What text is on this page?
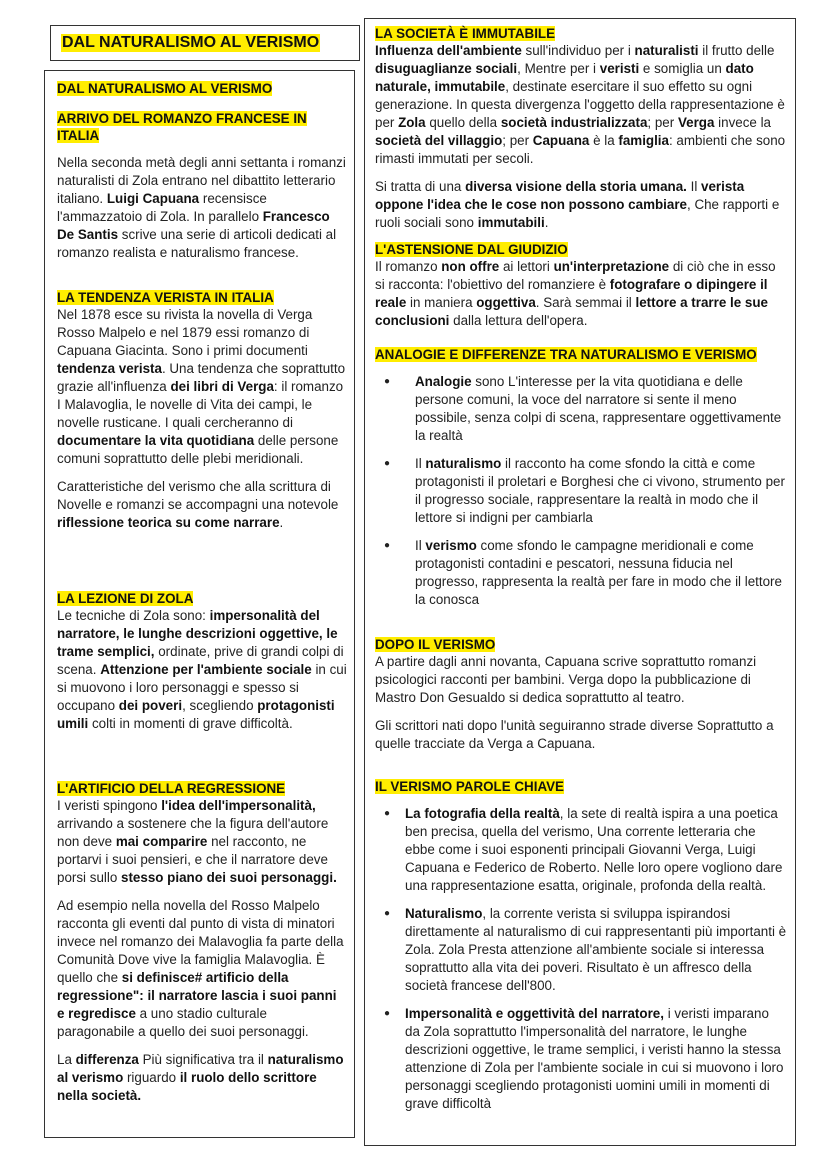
DAL NATURALISMO AL VERISMO
DAL NATURALISMO AL VERISMO
ARRIVO DEL ROMANZO FRANCESE IN ITALIA

Nella seconda metà degli anni settanta i romanzi naturalisti di Zola entrano nel dibattito letterario italiano. Luigi Capuana recensisce l'ammazzatoio di Zola. In parallelo Francesco De Santis scrive una serie di articoli dedicati al romanzo realista e naturalismo francese.

LA TENDENZA VERISTA IN ITALIA

Nel 1878 esce su rivista la novella di Verga Rosso Malpelo e nel 1879 essi romanzo di Capuana Giacinta. Sono i primi documenti tendenza verista. Una tendenza che soprattutto grazie all'influenza dei libri di Verga: il romanzo I Malavoglia, le novelle di Vita dei campi, le novelle rusticane. I quali cercheranno di documentare la vita quotidiana delle persone comuni soprattutto delle plebi meridionali.

Caratteristiche del verismo che alla scrittura di Novelle e romanzi se accompagni una notevole riflessione teorica su come narrare.

LA LEZIONE DI ZOLA

Le tecniche di Zola sono: impersonalità del narratore, le lunghe descrizioni oggettive, le trame semplici, ordinate, prive di grandi colpi di scena. Attenzione per l'ambiente sociale in cui si muovono i loro personaggi e spesso si occupano dei poveri, scegliendo protagonisti umili colti in momenti di grave difficoltà.

L'ARTIFICIO DELLA REGRESSIONE

I veristi spingono l'idea dell'impersonalità, arrivando a sostenere che la figura dell'autore non deve mai comparire nel racconto, ne portarvi i suoi pensieri, e che il narratore deve porsi sullo stesso piano dei suoi personaggi.

Ad esempio nella novella del Rosso Malpelo racconta gli eventi dal punto di vista di minatori invece nel romanzo dei Malavoglia fa parte della Comunità Dove vive la famiglia Malavoglia. È quello che si definisce# artificio della regressione": il narratore lascia i suoi panni e regredisce a uno stadio culturale paragonabile a quello dei suoi personaggi.

La differenza Più significativa tra il naturalismo al verismo riguardo il ruolo dello scrittore nella società.

LA SOCIETÀ È IMMUTABILE

Influenza dell'ambiente sull'individuo per i naturalisti il frutto delle disuguaglianze sociali, Mentre per i veristi e somiglia un dato naturale, immutabile, destinate esercitare il suo effetto su ogni generazione. In questa divergenza l'oggetto della rappresentazione è per Zola quello della società industrializzata; per Verga invece la società del villaggio; per Capuana è la famiglia: ambienti che sono rimasti immutati per secoli.

Si tratta di una diversa visione della storia umana. Il verista oppone l'idea che le cose non possono cambiare, Che rapporti e ruoli sociali sono immutabili.

L'ASTENSIONE DAL GIUDIZIO

Il romanzo non offre ai lettori un'interpretazione di ciò che in esso si racconta: l'obiettivo del romanziere è fotografare o dipingere il reale in maniera oggettiva. Sarà semmai il lettore a trarre le sue conclusioni dalla lettura dell'opera.

ANALOGIE E DIFFERENZE TRA NATURALISMO E VERISMO
● Analogie sono L'interesse per la vita quotidiana e delle persone comuni, la voce del narratore si sente il meno possibile, senza colpi di scena, rappresentare oggettivamente la realtà
● Il naturalismo il racconto ha come sfondo la città e come protagonisti il proletari e Borghesi che ci vivono, strumento per il progresso sociale, rappresentare la realtà in modo che il lettore si indigni per cambiarla
● Il verismo come sfondo le campagne meridionali e come protagonisti contadini e pescatori, nessuna fiducia nel progresso, rappresenta la realtà per fare in modo che il lettore la conosca
DOPO IL VERISMO

A partire dagli anni novanta, Capuana scrive soprattutto romanzi psicologici racconti per bambini. Verga dopo la pubblicazione di Mastro Don Gesualdo si dedica soprattutto al teatro.

Gli scrittori nati dopo l'unità seguiranno strade diverse Soprattutto a quelle tracciate da Verga a Capuana.

IL VERISMO PAROLE CHIAVE
● La fotografia della realtà, la sete di realtà ispira a una poetica ben precisa, quella del verismo, Una corrente letteraria che ebbe come i suoi esponenti principali Giovanni Verga, Luigi Capuana e Federico de Roberto. Nelle loro opere vogliono dare una rappresentazione esatta, originale, profonda della realtà.
● Naturalismo, la corrente verista si sviluppa ispirandosi direttamente al naturalismo di cui rappresentanti più importanti è Zola. Zola Presta attenzione all'ambiente sociale si interessa soprattutto alla vita dei poveri. Risultato è un affresco della società francese dell'800.
● Impersonalità e oggettività del narratore, i veristi imparano da Zola soprattutto l'impersonalità del narratore, le lunghe descrizioni oggettive, le trame semplici, i veristi hanno la stessa attenzione di Zola per l'ambiente sociale in cui si muovono i loro personaggi scegliendo protagonisti uomini umili in momenti di grave difficoltà
